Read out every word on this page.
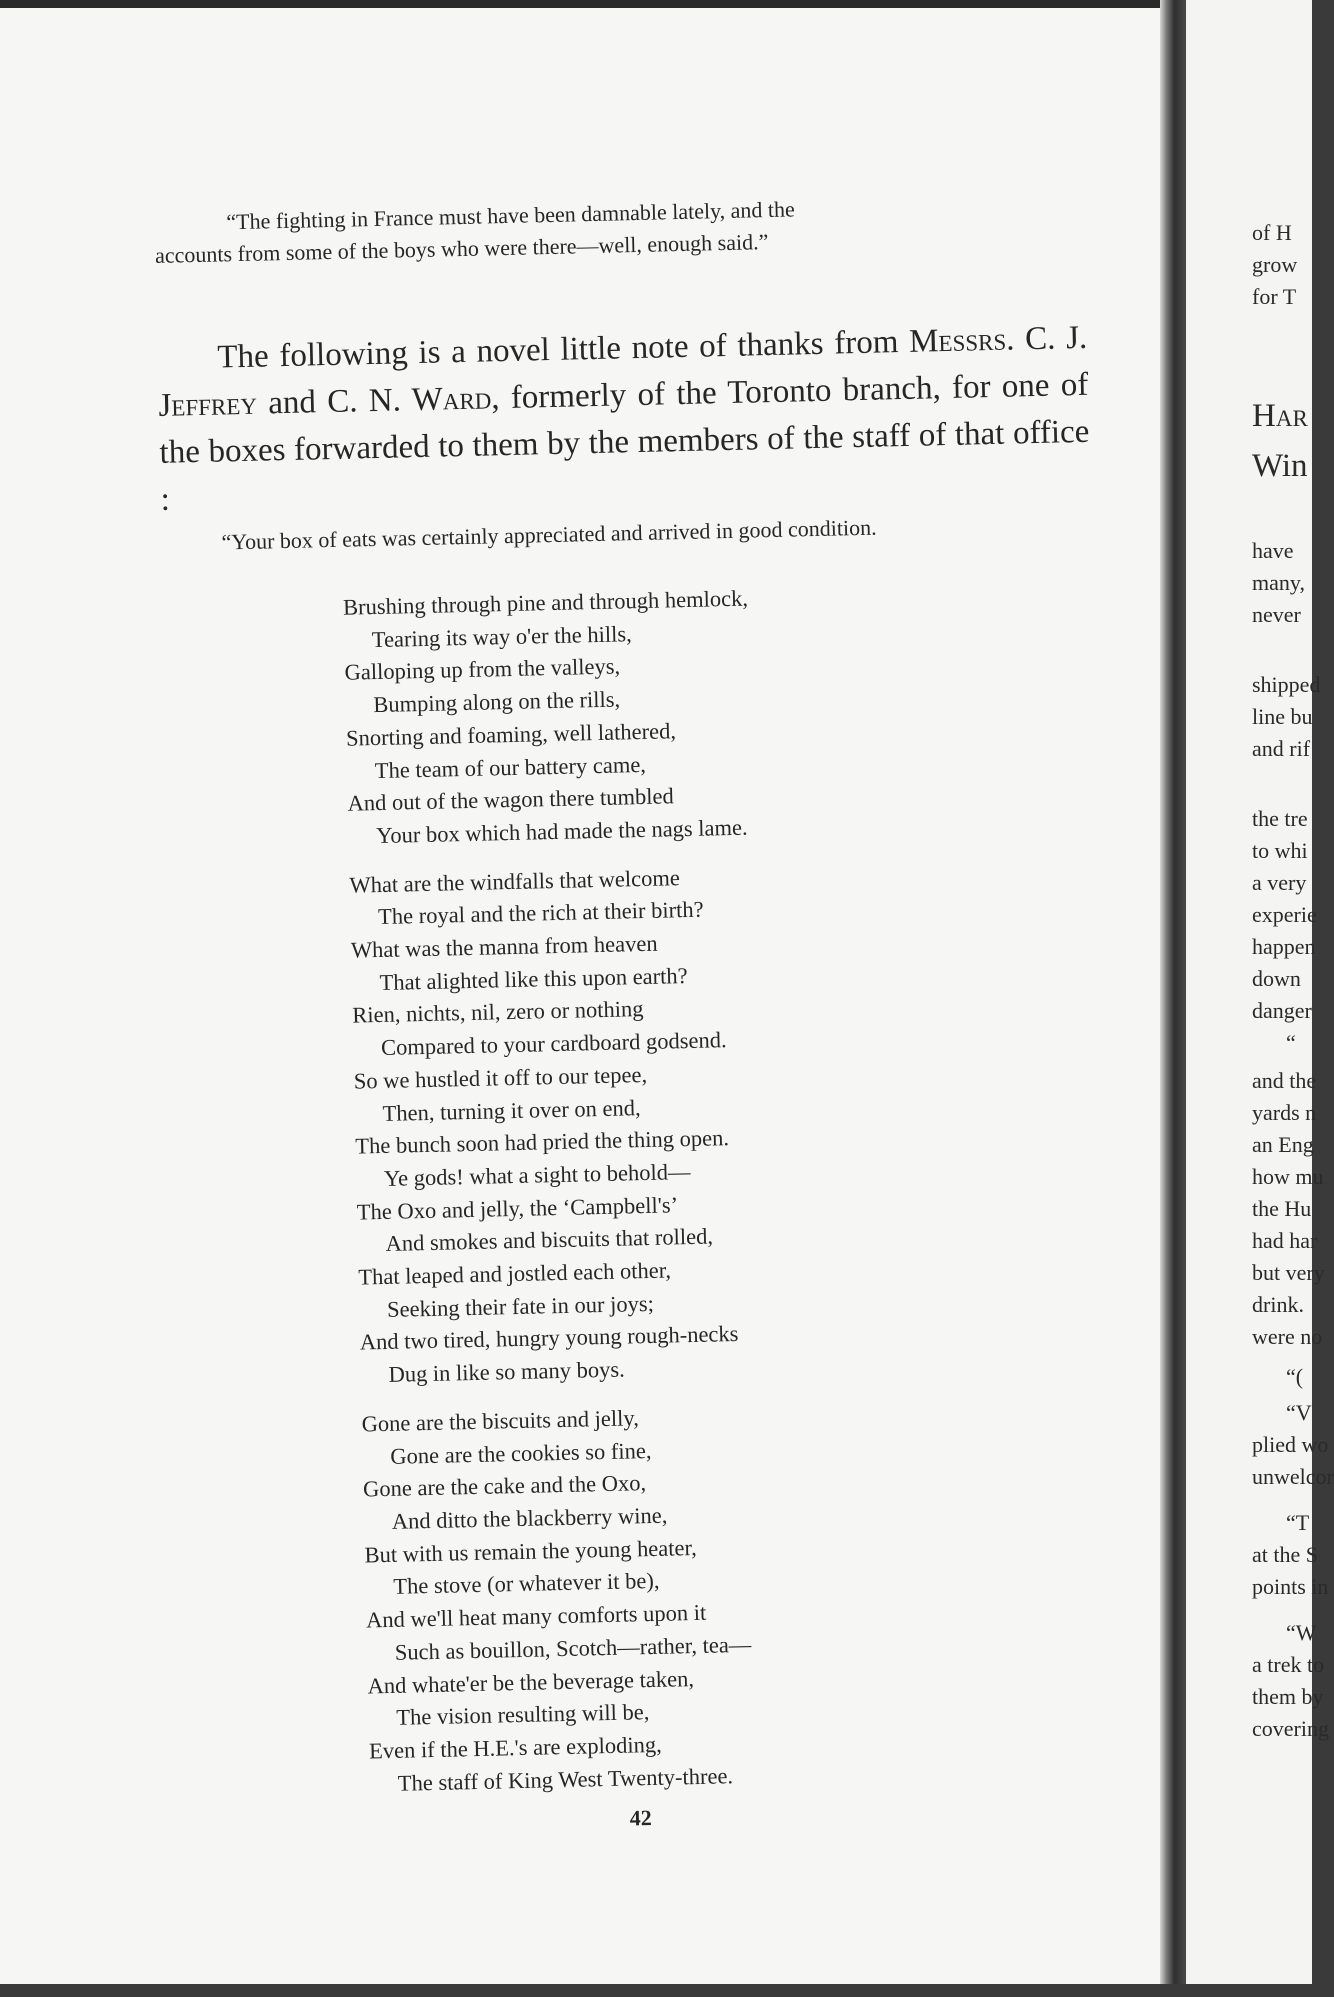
“The fighting in France must have been damnable lately, and the
accounts from some of the boys who were there—well, enough said.”
The following is a novel little note of thanks from Messrs. C. J. Jeffrey and C. N. Ward, formerly of the Toronto branch, for one of the boxes forwarded to them by the members of the staff of that office :
“Your box of eats was certainly appreciated and arrived in good condition.
Brushing through pine and through hemlock,
Tearing its way o'er the hills,
Galloping up from the valleys,
Bumping along on the rills,
Snorting and foaming, well lathered,
The team of our battery came,
And out of the wagon there tumbled
Your box which had made the nags lame.
What are the windfalls that welcome
The royal and the rich at their birth?
What was the manna from heaven
That alighted like this upon earth?
Rien, nichts, nil, zero or nothing
Compared to your cardboard godsend.
So we hustled it off to our tepee,
Then, turning it over on end,
The bunch soon had pried the thing open.
Ye gods! what a sight to behold—
The Oxo and jelly, the ‘Campbell's’
And smokes and biscuits that rolled,
That leaped and jostled each other,
Seeking their fate in our joys;
And two tired, hungry young rough-necks
Dug in like so many boys.
Gone are the biscuits and jelly,
Gone are the cookies so fine,
Gone are the cake and the Oxo,
And ditto the blackberry wine,
But with us remain the young heater,
The stove (or whatever it be),
And we'll heat many comforts upon it
Such as bouillon, Scotch—rather, tea—
And whate'er be the beverage taken,
The vision resulting will be,
Even if the H.E.'s are exploding,
The staff of King West Twenty-three.
42
of H
grow
for T
Har
Win
have
many,
never
shipped
line bu
and rif
the tre
to whi
a very
experie
happen
down
danger
“
and the
yards n
an Eng
how mu
the Hu
had har
but very
drink.
were no
“(
“V
plied wo
unwelcor
“T
at the S
points in
“W
a trek to
them by
covering
